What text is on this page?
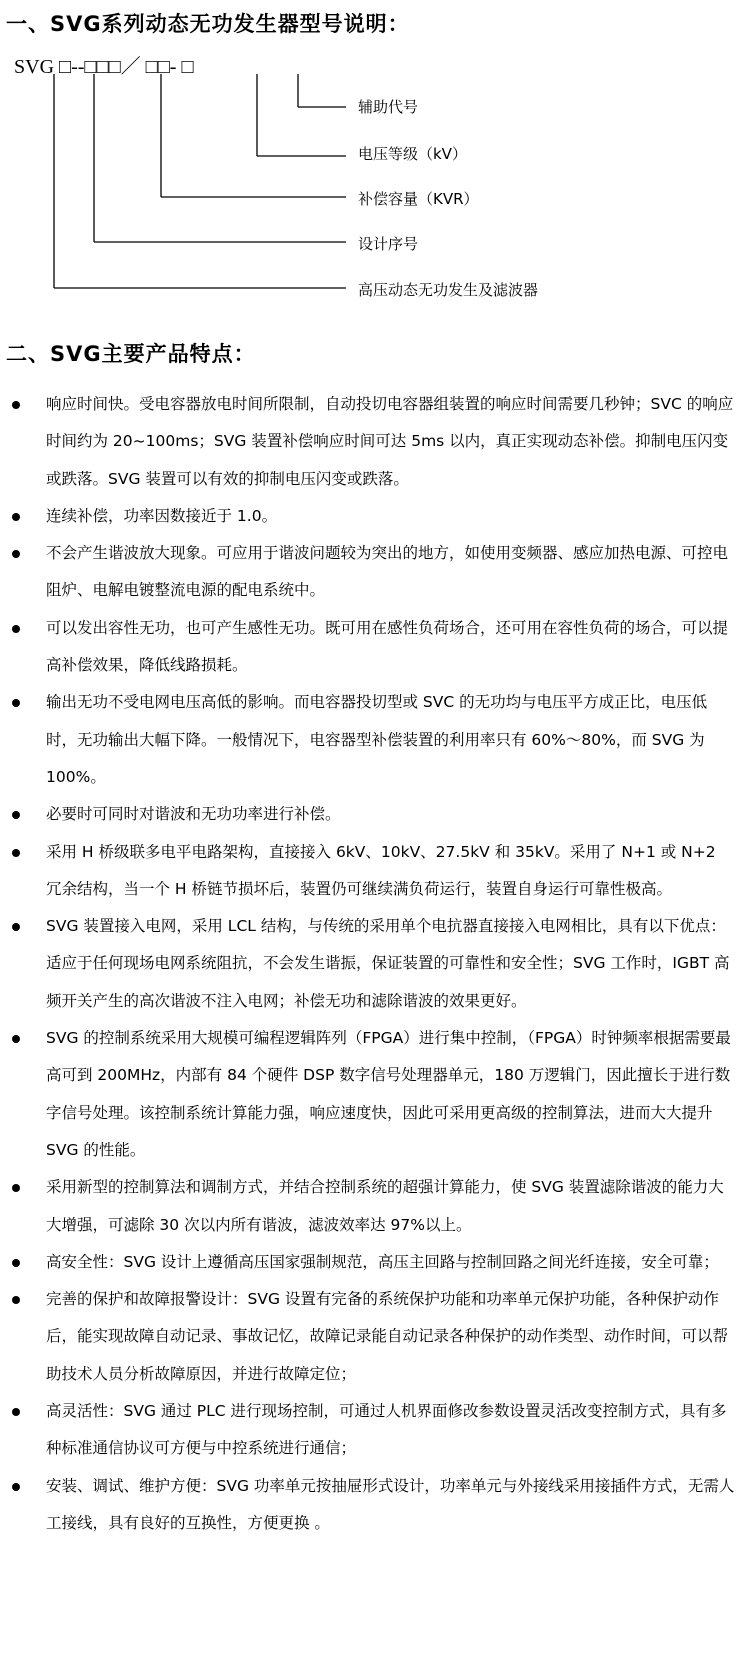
一、SVG系列动态无功发生器型号说明：
SVG □--□□□／ □□- □
辅助代号
电压等级（kV）
补偿容量（KVR）
设计序号
高压动态无功发生及滤波器
二、SVG主要产品特点：
响应时间快。受电容器放电时间所限制，自动投切电容器组装置的响应时间需要几秒钟；SVC 的响应时间约为 20~100ms；SVG 装置补偿响应时间可达 5ms 以内，真正实现动态补偿。抑制电压闪变或跌落。SVG 装置可以有效的抑制电压闪变或跌落。
连续补偿，功率因数接近于 1.0。
不会产生谐波放大现象。可应用于谐波问题较为突出的地方，如使用变频器、感应加热电源、可控电阻炉、电解电镀整流电源的配电系统中。
可以发出容性无功，也可产生感性无功。既可用在感性负荷场合，还可用在容性负荷的场合，可以提高补偿效果，降低线路损耗。
输出无功不受电网电压高低的影响。而电容器投切型或 SVC 的无功均与电压平方成正比，电压低时，无功输出大幅下降。一般情况下，电容器型补偿装置的利用率只有 60%～80%，而 SVG 为 100%。
必要时可同时对谐波和无功功率进行补偿。
采用 H 桥级联多电平电路架构，直接接入 6kV、10kV、27.5kV 和 35kV。采用了 N+1 或 N+2 冗余结构，当一个 H 桥链节损坏后，装置仍可继续满负荷运行，装置自身运行可靠性极高。
SVG 装置接入电网，采用 LCL 结构，与传统的采用单个电抗器直接接入电网相比，具有以下优点：适应于任何现场电网系统阻抗，不会发生谐振，保证装置的可靠性和安全性；SVG 工作时，IGBT 高频开关产生的高次谐波不注入电网；补偿无功和滤除谐波的效果更好。
SVG 的控制系统采用大规模可编程逻辑阵列（FPGA）进行集中控制，（FPGA）时钟频率根据需要最高可到 200MHz，内部有 84 个硬件 DSP 数字信号处理器单元，180 万逻辑门，因此擅长于进行数字信号处理。该控制系统计算能力强，响应速度快，因此可采用更高级的控制算法，进而大大提升 SVG 的性能。
采用新型的控制算法和调制方式，并结合控制系统的超强计算能力，使 SVG 装置滤除谐波的能力大大增强，可滤除 30 次以内所有谐波，滤波效率达 97%以上。
高安全性：SVG 设计上遵循高压国家强制规范，高压主回路与控制回路之间光纤连接，安全可靠；
完善的保护和故障报警设计：SVG 设置有完备的系统保护功能和功率单元保护功能，各种保护动作后，能实现故障自动记录、事故记忆，故障记录能自动记录各种保护的动作类型、动作时间，可以帮助技术人员分析故障原因，并进行故障定位；
高灵活性：SVG 通过 PLC 进行现场控制，可通过人机界面修改参数设置灵活改变控制方式，具有多种标准通信协议可方便与中控系统进行通信；
安装、调试、维护方便：SVG 功率单元按抽屉形式设计，功率单元与外接线采用接插件方式，无需人工接线，具有良好的互换性，方便更换 。
